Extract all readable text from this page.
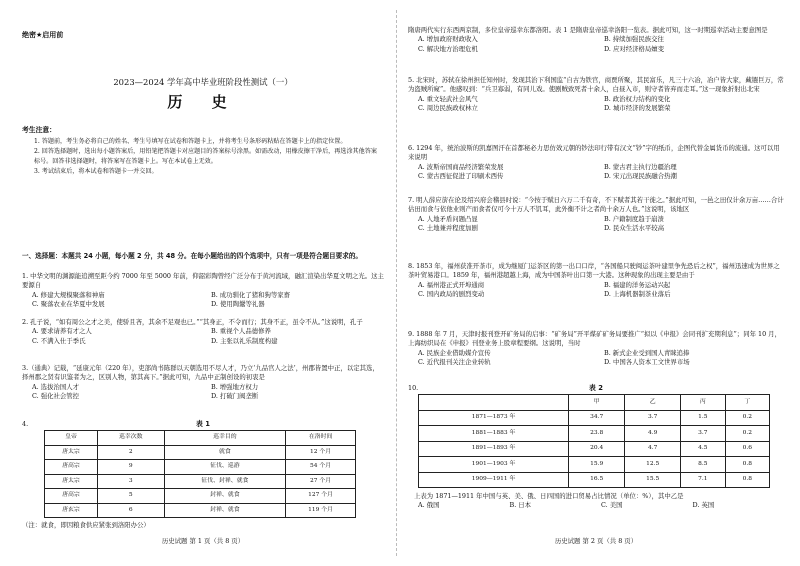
绝密★启用前
2023—2024 学年高中毕业班阶段性测试（一）
历 史
考生注意：

1. 答题前，考生务必将自己的姓名、考生号填写在试卷和答题卡上，并将考生号条形码粘贴在答题卡上的指定位置。

2. 回答选择题时，选出每小题答案后，用铅笔把答题卡对应题目的答案标号涂黑。如需改动，用橡皮擦干净后，再选涂其他答案标号。回答非选择题时，将答案写在答题卡上。写在本试卷上无效。

3. 考试结束后，将本试卷和答题卡一并交回。

一、选择题：本题共 24 小题，每小题 2 分，共 48 分。在每小题给出的四个选项中，只有一项是符合题目要求的。
1. 中华文明的渊源能追溯至距今约 7000 年至 5000 年前，仰韶彩陶曾经广泛分布于黄河流域，融汇渲染出华夏文明之光。这主要源自
A. 修建大规模聚落和神庙	B. 成功驯化了猪和狗等家畜
C. 聚落农业在华夏中发展	D. 使用陶鬶等礼器
2. 孔子说，“如有周公之才之美，使骄且吝，其余不足观也已。”“其身正，不令而行；其身不正，虽令不从。”这说明，孔子
A. 要求请养有才之人	B. 重视个人品德修养
C. 不满入仕于季氏	D. 主张以礼乐制度构建
3.（通典）记载，“延康元年（220 年），吏部尚书陈群以天朝选用不尽人才，乃立‘九品官人之法’，州郡皆置中正，以定其选，择州郡之贤有识鉴者为之，区别人物，第其高下。”据此可知，九品中正制创设的初衷是
A. 选拔治国人才	B. 增强地方权力
C. 强化社会管控	D. 打破门阀垄断
4.	表 1
皇帝	巡幸次数	巡幸目的	在洛时间
唐太宗	2	就食	12 个月
唐高宗	9	征伐、巡游	54 个月
唐太宗	3	征伐、封禅、就食	27 个月
唐高宗	5	封禅、就食	127 个月
唐玄宗	6	封禅、就食	119 个月
（注：就食，即因粮食供应紧张到洛阳办公）
历史试题 第 1 页（共 8 页）
隋唐两代实行东西两京制，多位皇帝巡幸东都洛阳。表 1 是隋唐皇帝巡幸洛阳一览表。据此可知，这一时期巡幸活动主要意图是
A. 增加政府财政收入	B. 持续加强民族交往
C. 解决地方治理危机	D. 应对经济格局嬗变
5. 北宋时，苏轼在徐州担任知州时，发现其治下利国监“自古为铁官，商贾所聚，其民富乐，凡三十六冶，冶户皆大家，藏镪巨万，常为盗贼所窥”。他感叹到：“兵卫寡弱，有同儿戏。使剧贼致死者十余人，白昼入市，则守者皆弃而走耳。”这一现象折射出北宋
A. 重文轻武社会风气	B. 政治权力结构的变化
C. 周边民族政权林立	D. 城市经济的发展繁荣
6. 1294 年，统治波斯的凯嘉图汗在首都秘必力思仿效元朝的钞法印行带有汉文“钞”字的纸币，企图代替金属货币的流通。这可以用来说明
A. 波斯帝国商品经济繁荣发展	B. 蒙古君主执行边疆治理
C. 蒙古西征促进了印刷术西传	D. 宋元出现民族融合热潮
7. 明人薛应旂在论及绍兴府会稽县时说：“今按于赋日六万二千有奇，不下赋者其若干徙之。”据此可知，一邑之田仅计余万亩……合计估田而食与依他业则产而食者仅可今十万人不饥耳，此外衡不计之者尚十余万人也。”这说明，该地区
A. 人地矛盾问题凸显	B. 户籍制度趋于崩溃
C. 土地兼并程度加剧	D. 民众生活水平较高
8. 1853 年，福州获准开茶市，成为继厦门运茶区的第一出口口岸，“各国船只驶闽运茶叶建里争先恐后之权”，福州迅速成为世界之茶叶贸易港口。1859 年，福州港超越上海，成为中国茶叶出口第一大港。这种现象的出现主要是由于
A. 福州港正式开埠通商	B. 福建的洋务运动兴起
C. 国内政局的剧烈变动	D. 上海机器制茶业落后
9. 1888 年 7 月，天津时报刊登开矿务局的启事：“矿务局”开平煤矿矿务局要推广“拟以《申报》会同刊扩充期利息”；同年 10 月，上海纺织局在《申报》刊登业务上股章程要纲。这说明，当时
A. 民族企业借助媒介宣传	B. 新式企业受到国人青睐追捧
C. 近代报刊关注企业转轨	D. 中国各人资本工文世界市场
10.	表 2
	甲	乙	丙	丁
1871—1873 年	34.7	3.7	1.5	0.2
1881—1883 年	23.8	4.9	3.7	0.2
1891—1893 年	20.4	4.7	4.5	0.6
1901—1903 年	15.9	12.5	8.5	0.8
1909—1911 年	16.5	15.5	7.1	0.8
上表为 1871—1911 年中国与英、美、俄、日四国的进口贸易占比情况（单位：%），其中乙是
A. 俄国	B. 日本	C. 美国	D. 英国
历史试题 第 2 页（共 8 页）
